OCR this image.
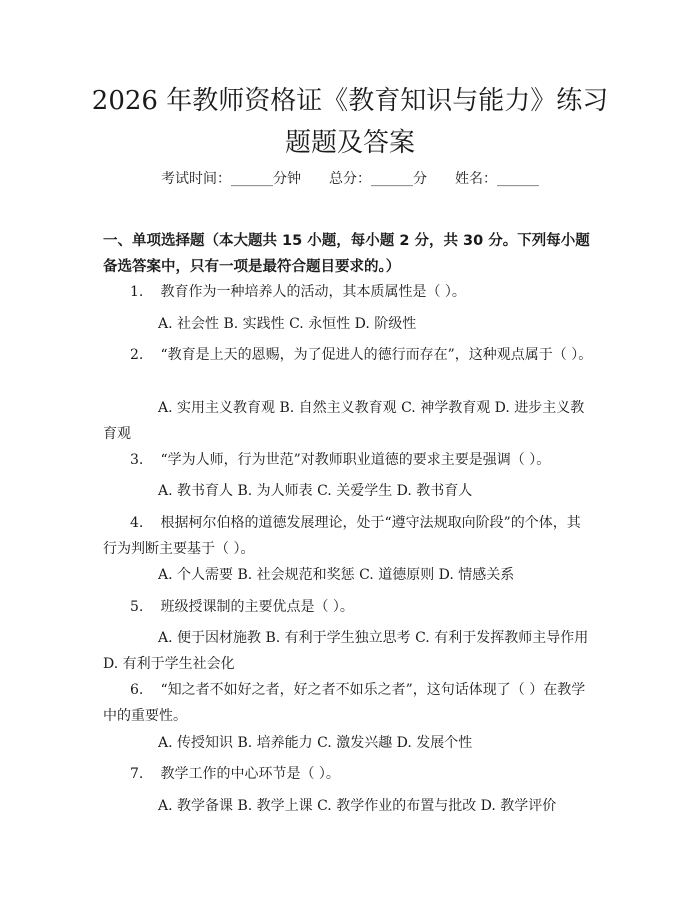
2026 年教师资格证《教育知识与能力》练习
题题及答案
考试时间：______分钟 总分：______分 姓名：______
一、单项选择题（本大题共 15 小题，每小题 2 分，共 30 分。下列每小题备选答案中，只有一项是最符合题目要求的。）
1. 教育作为一种培养人的活动，其本质属性是（ ）。
A. 社会性 B. 实践性 C. 永恒性 D. 阶级性
2. “教育是上天的恩赐，为了促进人的德行而存在”，这种观点属于（ ）。
A. 实用主义教育观 B. 自然主义教育观 C. 神学教育观 D. 进步主义教育观
3. “学为人师，行为世范”对教师职业道德的要求主要是强调（ ）。
A. 教书育人 B. 为人师表 C. 关爱学生 D. 教书育人
4. 根据柯尔伯格的道德发展理论，处于“遵守法规取向阶段”的个体，其行为判断主要基于（ ）。
A. 个人需要 B. 社会规范和奖惩 C. 道德原则 D. 情感关系
5. 班级授课制的主要优点是（ ）。
A. 便于因材施教 B. 有利于学生独立思考 C. 有利于发挥教师主导作用 D. 有利于学生社会化
6. “知之者不如好之者，好之者不如乐之者”，这句话体现了（ ）在教学中的重要性。
A. 传授知识 B. 培养能力 C. 激发兴趣 D. 发展个性
7. 教学工作的中心环节是（ ）。
A. 教学备课 B. 教学上课 C. 教学作业的布置与批改 D. 教学评价
